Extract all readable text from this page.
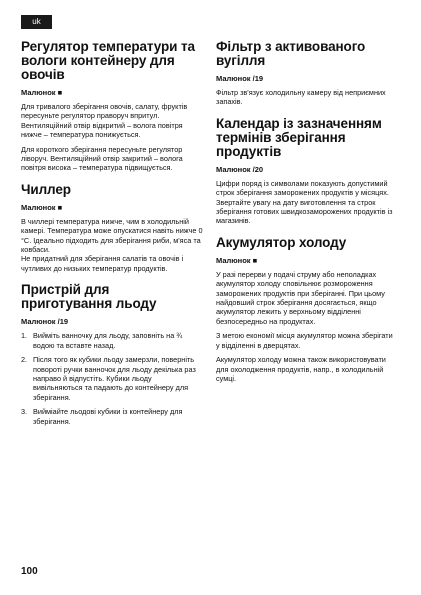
uk
Регулятор температури та вологи контейнеру для овочів
Малюнок ■

Для тривалого зберігання овочів, салату, фруктів пересуньте регулятор праворуч впритул. Вентиляційний отвір відкритий – волога повітря нижче – температура понижується.

Для короткого зберігання пересуньте регулятор ліворуч. Вентиляційний отвір закритий – волога повітря висока – температура підвищується.

Чиллер
Малюнок ■

В чиллері температура нижче, чим в холодильній камері. Температура може опускатися навіть нижче 0 °C. Ідеально підходить для зберігання риби, м'яса та ковбаси.

Не придатний для зберігання салатів та овочів і чутливих до низьких температур продуктів.

Пристрій для приготування льоду
Малюнок /19
1. Вийміть ванночку для льоду, заповніть на ¾ водою та вставте назад.
2. Після того як кубики льоду замерзли, поверніть повороті ручки ванночок для льоду декілька раз направо й відпустіть. Кубики льоду вивільняються та падають до контейнеру для зберігання.
3. Вийміайте льодові кубики із контейнеру для зберігання.
Фільтр з активованого вугілля
Малюнок /19

Фільтр зв'язує холодильну камеру від неприємних запахів.

Календар із зазначенням термінів зберігання продуктів
Малюнок /20

Цифри поряд із символами показують допустимий строк зберігання заморожених продуктів у місяцях. Звертайте увагу на дату виготовлення та строк зберігання готових швидкозаморожених продуктів із магазинів.

Акумулятор холоду
Малюнок ■

У разі перерви у подачі струму або неполадках акумулятор холоду сповільнює розмороження заморожених продуктів при зберіганні. При цьому найдовший строк зберігання досягається, якщо акумулятор лежить у верхньому відділенні безпосередньо на продуктах.

З метою економії місця акумулятор можна зберігати у відділенні в дверцятах.

Акумулятор холоду можна також використовувати для охолодження продуктів, напр., в холодильній сумці.

100
